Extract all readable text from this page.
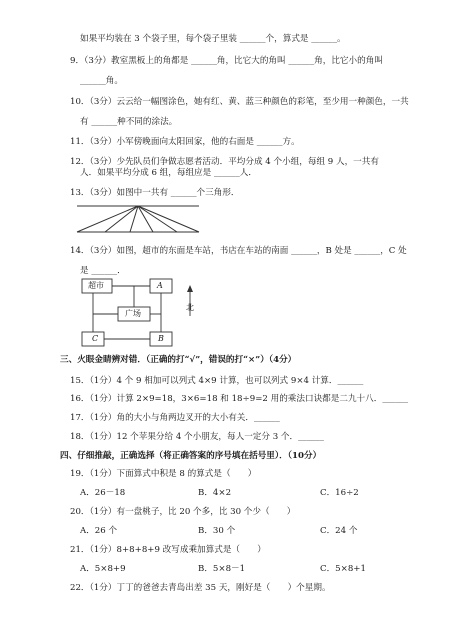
如果平均装在 3 个袋子里，每个袋子里装 ______个，算式是 ______。
9．（3分）教室黑板上的角都是 ______角，比它大的角叫 ______角，比它小的角叫
______角。
10．（3分）云云给一幅图涂色，她有红、黄、蓝三种颜色的彩笔，至少用一种颜色，一共
有 ______种不同的涂法。
11．（3分）小军傍晚面向太阳回家，他的右面是 ______方。
12．（3分）少先队员们争做志愿者活动．平均分成 4 个小组，每组 9 人，一共有
人．如果平均分成 6 组，每组应是 ______人．
13．（3分）如图中一共有 ______个三角形．
14．（3分）如图，超市的东面是车站，书店在车站的南面 ______，B 处是 ______，C 处
是 ______．
超市	A
广场
C	B
北
三、火眼金睛辨对错．（正确的打“√”，错误的打“×”）（4分）
15．（1分）4 个 9 相加可以列式 4×9 计算，也可以列式 9×4 计算．______
16．（1分）计算 2×9=18，3×6=18 和 18÷9=2 用的乘法口诀都是二九十八．______
17．（1分）角的大小与角两边叉开的大小有关．______
18．（1分）12 个苹果分给 4 个小朋友，每人一定分 3 个．______
四、仔细推敲，正确选择（将正确答案的序号填在括号里）．（10分）
19．（1分）下面算式中积是 8 的算式是（　　）
A．26－18	B．4×2	C．16÷2
20．（1分）有一盘桃子，比 20 个多，比 30 个少（　　）
A．26 个	B．30 个	C．24 个
21．（1分）8+8+8+9 改写成乘加算式是（　　）
A．5×8+9	B．5×8－1	C．5×8+1
22．（1分）丁丁的爸爸去青岛出差 35 天，刚好是（　　）个星期。
